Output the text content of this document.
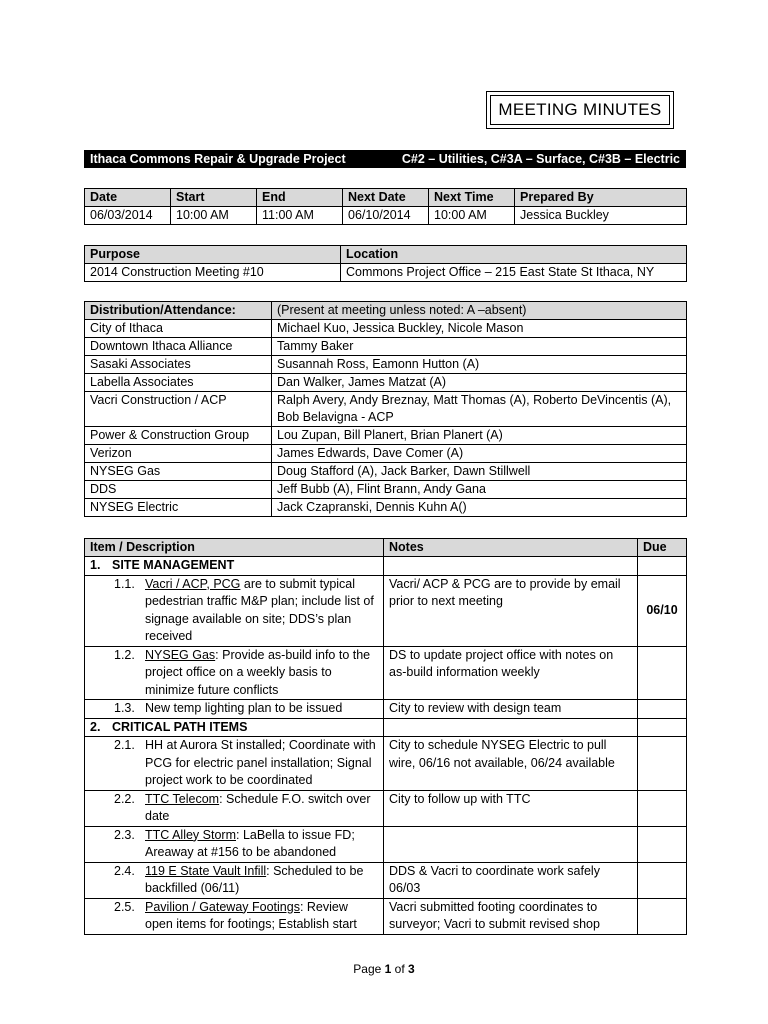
MEETING MINUTES
Ithaca Commons Repair & Upgrade Project	C#2 – Utilities, C#3A – Surface, C#3B – Electric
Date	Start	End	Next Date	Next Time	Prepared By
06/03/2014	10:00 AM	11:00 AM	06/10/2014	10:00 AM	Jessica Buckley
Purpose	Location
2014 Construction Meeting #10	Commons Project Office – 215 East State St Ithaca, NY
Distribution/Attendance:	(Present at meeting unless noted: A –absent)
City of Ithaca	Michael Kuo, Jessica Buckley, Nicole Mason
Downtown Ithaca Alliance	Tammy Baker
Sasaki Associates	Susannah Ross, Eamonn Hutton (A)
Labella Associates	Dan Walker, James Matzat (A)
Vacri Construction / ACP	Ralph Avery, Andy Breznay, Matt Thomas (A), Roberto DeVincentis (A), Bob Belavigna - ACP
Power & Construction Group	Lou Zupan, Bill Planert, Brian Planert (A)
Verizon	James Edwards, Dave Comer (A)
NYSEG Gas	Doug Stafford (A), Jack Barker, Dawn Stillwell
DDS	Jeff Bubb (A), Flint Brann, Andy Gana
NYSEG Electric	Jack Czapranski, Dennis Kuhn A()
Item / Description	Notes	Due

1. SITE MANAGEMENT		

1.1. Vacri / ACP, PCG are to submit typical pedestrian traffic M&P plan; include list of signage available on site; DDS’s plan received	Vacri/ ACP & PCG are to provide by email prior to next meeting	06/10

1.2. NYSEG Gas: Provide as-build info to the project office on a weekly basis to minimize future conflicts	DS to update project office with notes on as-build information weekly	

1.3. New temp lighting plan to be issued	City to review with design team	

2. CRITICAL PATH ITEMS		

2.1. HH at Aurora St installed; Coordinate with PCG for electric panel installation; Signal project work to be coordinated	City to schedule NYSEG Electric to pull wire, 06/16 not available, 06/24 available	

2.2. TTC Telecom: Schedule F.O. switch over date	City to follow up with TTC	

2.3. TTC Alley Storm: LaBella to issue FD; Areaway at #156 to be abandoned		

2.4. 119 E State Vault Infill: Scheduled to be backfilled (06/11)	DDS & Vacri to coordinate work safely 06/03	

2.5. Pavilion / Gateway Footings: Review open items for footings; Establish start	Vacri submitted footing coordinates to surveyor; Vacri to submit revised shop	
Page 1 of 3
